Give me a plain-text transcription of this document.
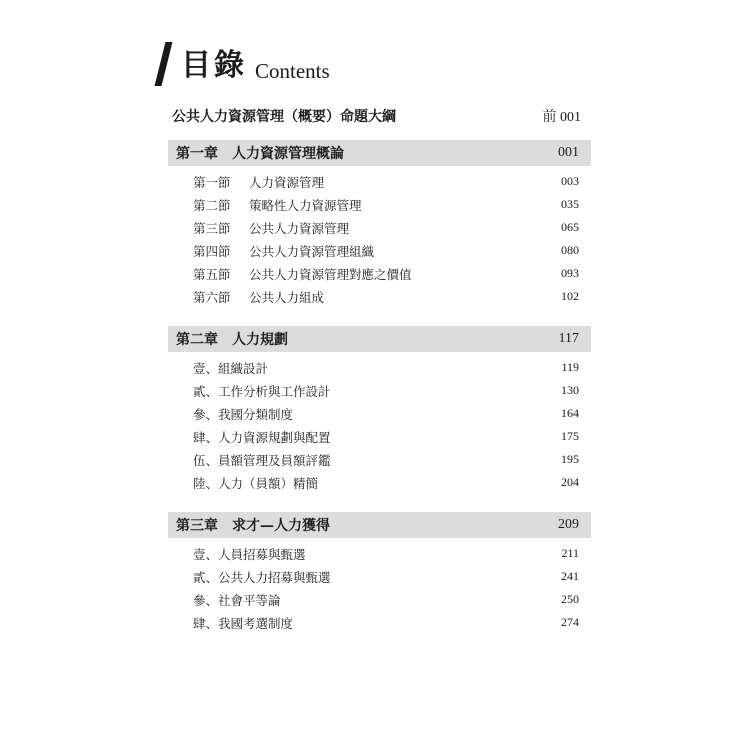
目錄 Contents
公共人力資源管理（概要）命題大綱	前 001
第一章 人力資源管理概論	001
第一節 人力資源管理	003
第二節 策略性人力資源管理	035
第三節 公共人力資源管理	065
第四節 公共人力資源管理組織	080
第五節 公共人力資源管理對應之價值	093
第六節 公共人力組成	102
第二章 人力規劃	117
壹、組織設計	119
貳、工作分析與工作設計	130
參、我國分類制度	164
肆、人力資源規劃與配置	175
伍、員額管理及員額評鑑	195
陸、人力（員額）精簡	204
第三章 求才—人力獲得	209
壹、人員招募與甄選	211
貳、公共人力招募與甄選	241
參、社會平等論	250
肆、我國考選制度	274
